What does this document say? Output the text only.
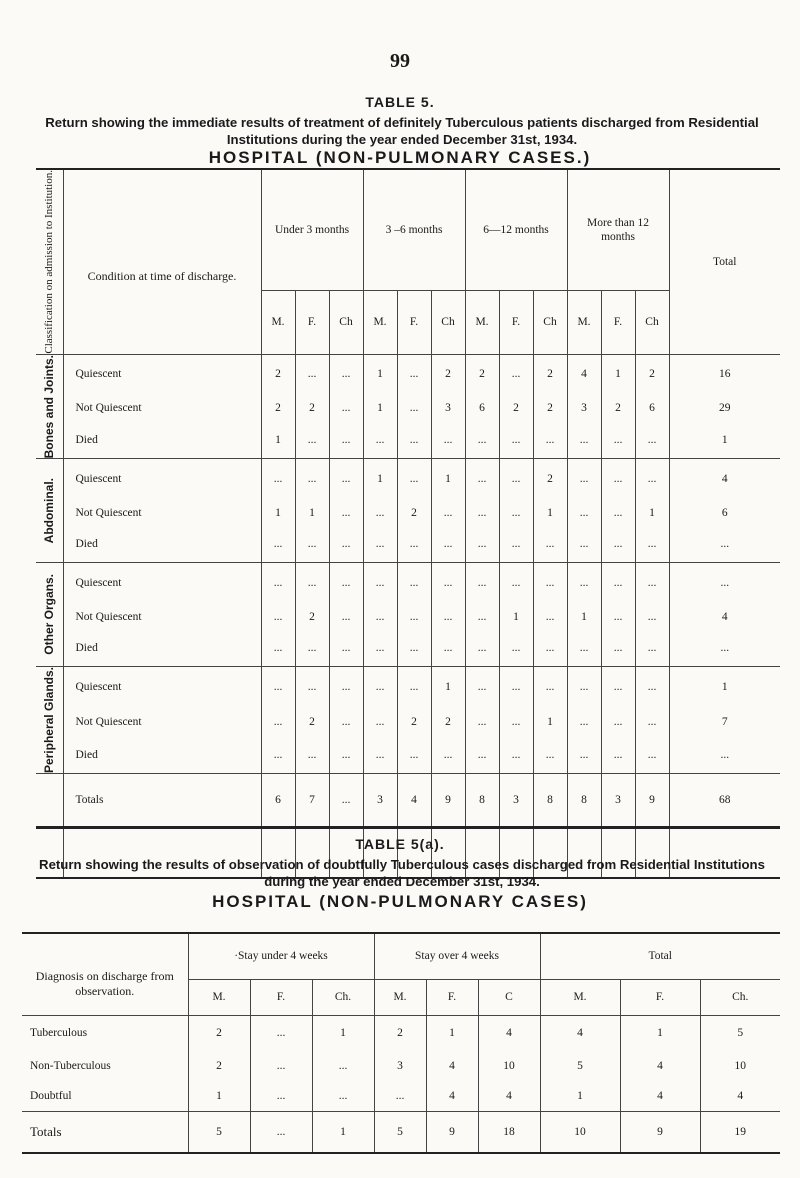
99
TABLE 5.
Return showing the immediate results of treatment of definitely Tuberculous patients discharged from Residential Institutions during the year ended December 31st, 1934.
HOSPITAL (NON-PULMONARY CASES.)
Classification on admission to Institution.	Condition at time of discharge.	Under 3 months			3 –6 months			6—12 months			More than 12 months			Total
		M.	F.	Ch	M.	F.	Ch	M.	F.	Ch	M.	F.	Ch	

Bones and Joints.	Quiescent	2	...	...	1	...	2	2	...	2	4	1	2	16
	Not Quiescent	2	2	...	1	...	3	6	2	2	3	2	6	29
	Died	1	...	...	...	...	...	...	...	...	...	...	...	1

Abdominal.	Quiescent	...	...	...	1	...	1	...	...	2	...	...	...	4
	Not Quiescent	1	1	...	...	2	...	...	...	1	...	...	1	6
	Died	...	...	...	...	...	...	...	...	...	...	...	...	...

Other Organs.	Quiescent	...	...	...	...	...	...	...	...	...	...	...	...	...
	Not Quiescent	...	2	...	...	...	...	...	1	...	1	...	...	4
	Died	...	...	...	...	...	...	...	...	...	...	...	...	...

Peripheral Glands.	Quiescent	...	...	...	...	...	1	...	...	...	...	...	...	1
	Not Quiescent	...	2	...	...	2	2	...	...	1	...	...	...	7
	Died	...	...	...	...	...	...	...	...	...	...	...	...	...
	Totals	6	7	...	3	4	9	8	3	8	8	3	9	68
TABLE 5(a).
Return showing the results of observation of doubtfully Tuberculous cases discharged from Residential Institutions during the year ended December 31st, 1934.
HOSPITAL (NON-PULMONARY CASES)
Diagnosis on discharge from observation.	·Stay under 4 weeks			Stay over 4 weeks			Total		
	M.	F.	Ch.	M.	F.	C	M.	F.	Ch.
Tuberculous	2	...	1	2	1	4	4	1	5
Non-Tuberculous	2	...	...	3	4	10	5	4	10
Doubtful	1	...	...	...	4	4	1	4	4
Totals	5	...	1	5	9	18	10	9	19
